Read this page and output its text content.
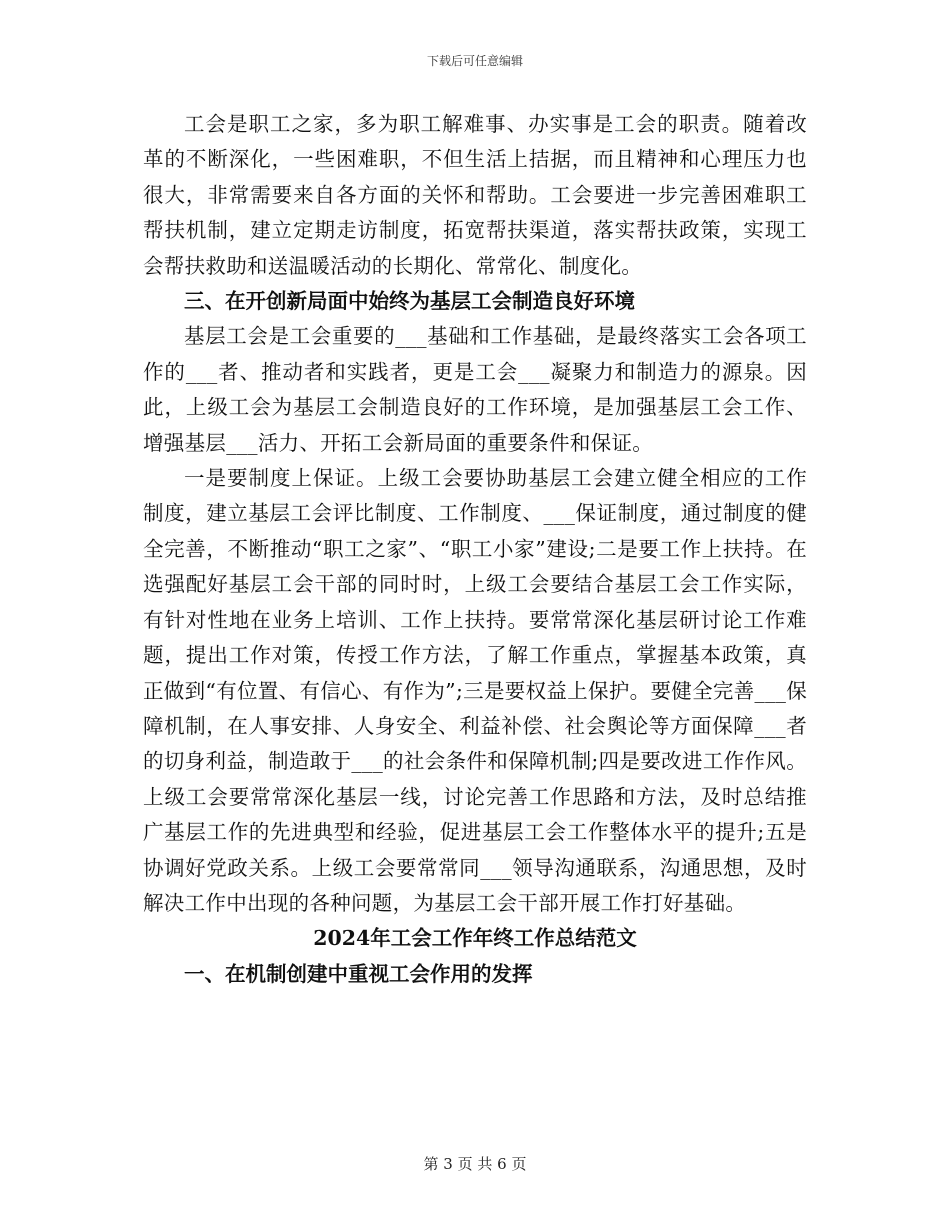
下载后可任意编辑

工会是职工之家，多为职工解难事、办实事是工会的职责。随着改革的不断深化，一些困难职，不但生活上拮据，而且精神和心理压力也很大，非常需要来自各方面的关怀和帮助。工会要进一步完善困难职工帮扶机制，建立定期走访制度，拓宽帮扶渠道，落实帮扶政策，实现工会帮扶救助和送温暖活动的长期化、常常化、制度化。

三、在开创新局面中始终为基层工会制造良好环境

基层工会是工会重要的___基础和工作基础，是最终落实工会各项工作的___者、推动者和实践者，更是工会___凝聚力和制造力的源泉。因此，上级工会为基层工会制造良好的工作环境，是加强基层工会工作、增强基层___活力、开拓工会新局面的重要条件和保证。

一是要制度上保证。上级工会要协助基层工会建立健全相应的工作制度，建立基层工会评比制度、工作制度、___保证制度，通过制度的健全完善，不断推动“职工之家”、“职工小家”建设;二是要工作上扶持。在选强配好基层工会干部的同时时，上级工会要结合基层工会工作实际，有针对性地在业务上培训、工作上扶持。要常常深化基层研讨论工作难题，提出工作对策，传授工作方法，了解工作重点，掌握基本政策，真正做到“有位置、有信心、有作为”;三是要权益上保护。要健全完善___保障机制，在人事安排、人身安全、利益补偿、社会舆论等方面保障___者的切身利益，制造敢于___的社会条件和保障机制;四是要改进工作作风。上级工会要常常深化基层一线，讨论完善工作思路和方法，及时总结推广基层工作的先进典型和经验，促进基层工会工作整体水平的提升;五是协调好党政关系。上级工会要常常同___领导沟通联系，沟通思想，及时解决工作中出现的各种问题，为基层工会干部开展工作打好基础。

2024年工会工作年终工作总结范文

一、在机制创建中重视工会作用的发挥

第 3 页 共 6 页
